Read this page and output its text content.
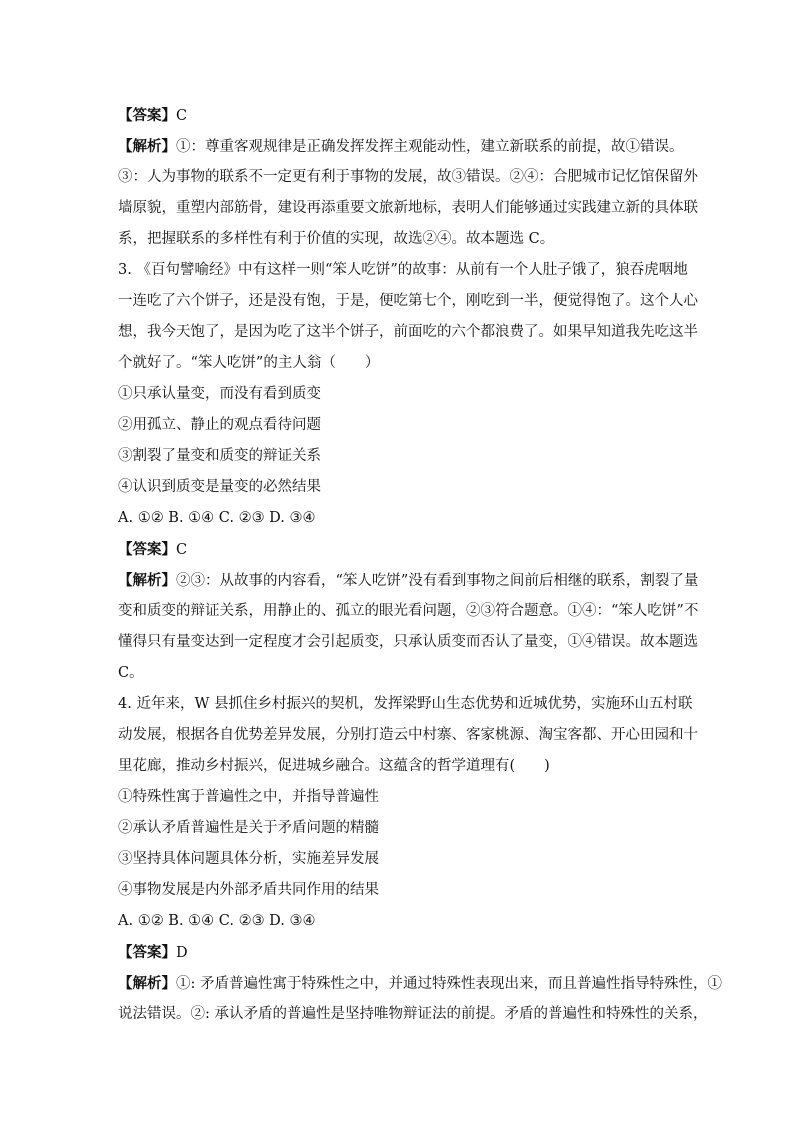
【答案】C
【解析】①：尊重客观规律是正确发挥发挥主观能动性，建立新联系的前提，故①错误。
③：人为事物的联系不一定更有利于事物的发展，故③错误。②④：合肥城市记忆馆保留外
墙原貌，重塑内部筋骨，建设再添重要文旅新地标，表明人们能够通过实践建立新的具体联
系，把握联系的多样性有利于价值的实现，故选②④。故本题选 C。
3. 《百句譬喻经》中有这样一则“笨人吃饼”的故事：从前有一个人肚子饿了，狼吞虎咽地
一连吃了六个饼子，还是没有饱，于是，便吃第七个，刚吃到一半，便觉得饱了。这个人心
想，我今天饱了，是因为吃了这半个饼子，前面吃的六个都浪费了。如果早知道我先吃这半
个就好了。“笨人吃饼”的主人翁（　　）
①只承认量变，而没有看到质变
②用孤立、静止的观点看待问题
③割裂了量变和质变的辩证关系
④认识到质变是量变的必然结果
A. ①② B. ①④ C. ②③ D. ③④
【答案】C
【解析】②③：从故事的内容看，“笨人吃饼”没有看到事物之间前后相继的联系，割裂了量
变和质变的辩证关系，用静止的、孤立的眼光看问题，②③符合题意。①④：“笨人吃饼”不
懂得只有量变达到一定程度才会引起质变，只承认质变而否认了量变，①④错误。故本题选
C。
4. 近年来，W 县抓住乡村振兴的契机，发挥梁野山生态优势和近城优势，实施环山五村联
动发展，根据各自优势差异发展，分别打造云中村寨、客家桃源、淘宝客都、开心田园和十
里花廊，推动乡村振兴，促进城乡融合。这蕴含的哲学道理有(　　)
①特殊性寓于普遍性之中，并指导普遍性
②承认矛盾普遍性是关于矛盾问题的精髓
③坚持具体问题具体分析，实施差异发展
④事物发展是内外部矛盾共同作用的结果
A. ①② B. ①④ C. ②③ D. ③④
【答案】D
【解析】①: 矛盾普遍性寓于特殊性之中，并通过特殊性表现出来，而且普遍性指导特殊性，①
说法错误。②: 承认矛盾的普遍性是坚持唯物辩证法的前提。矛盾的普遍性和特殊性的关系，
